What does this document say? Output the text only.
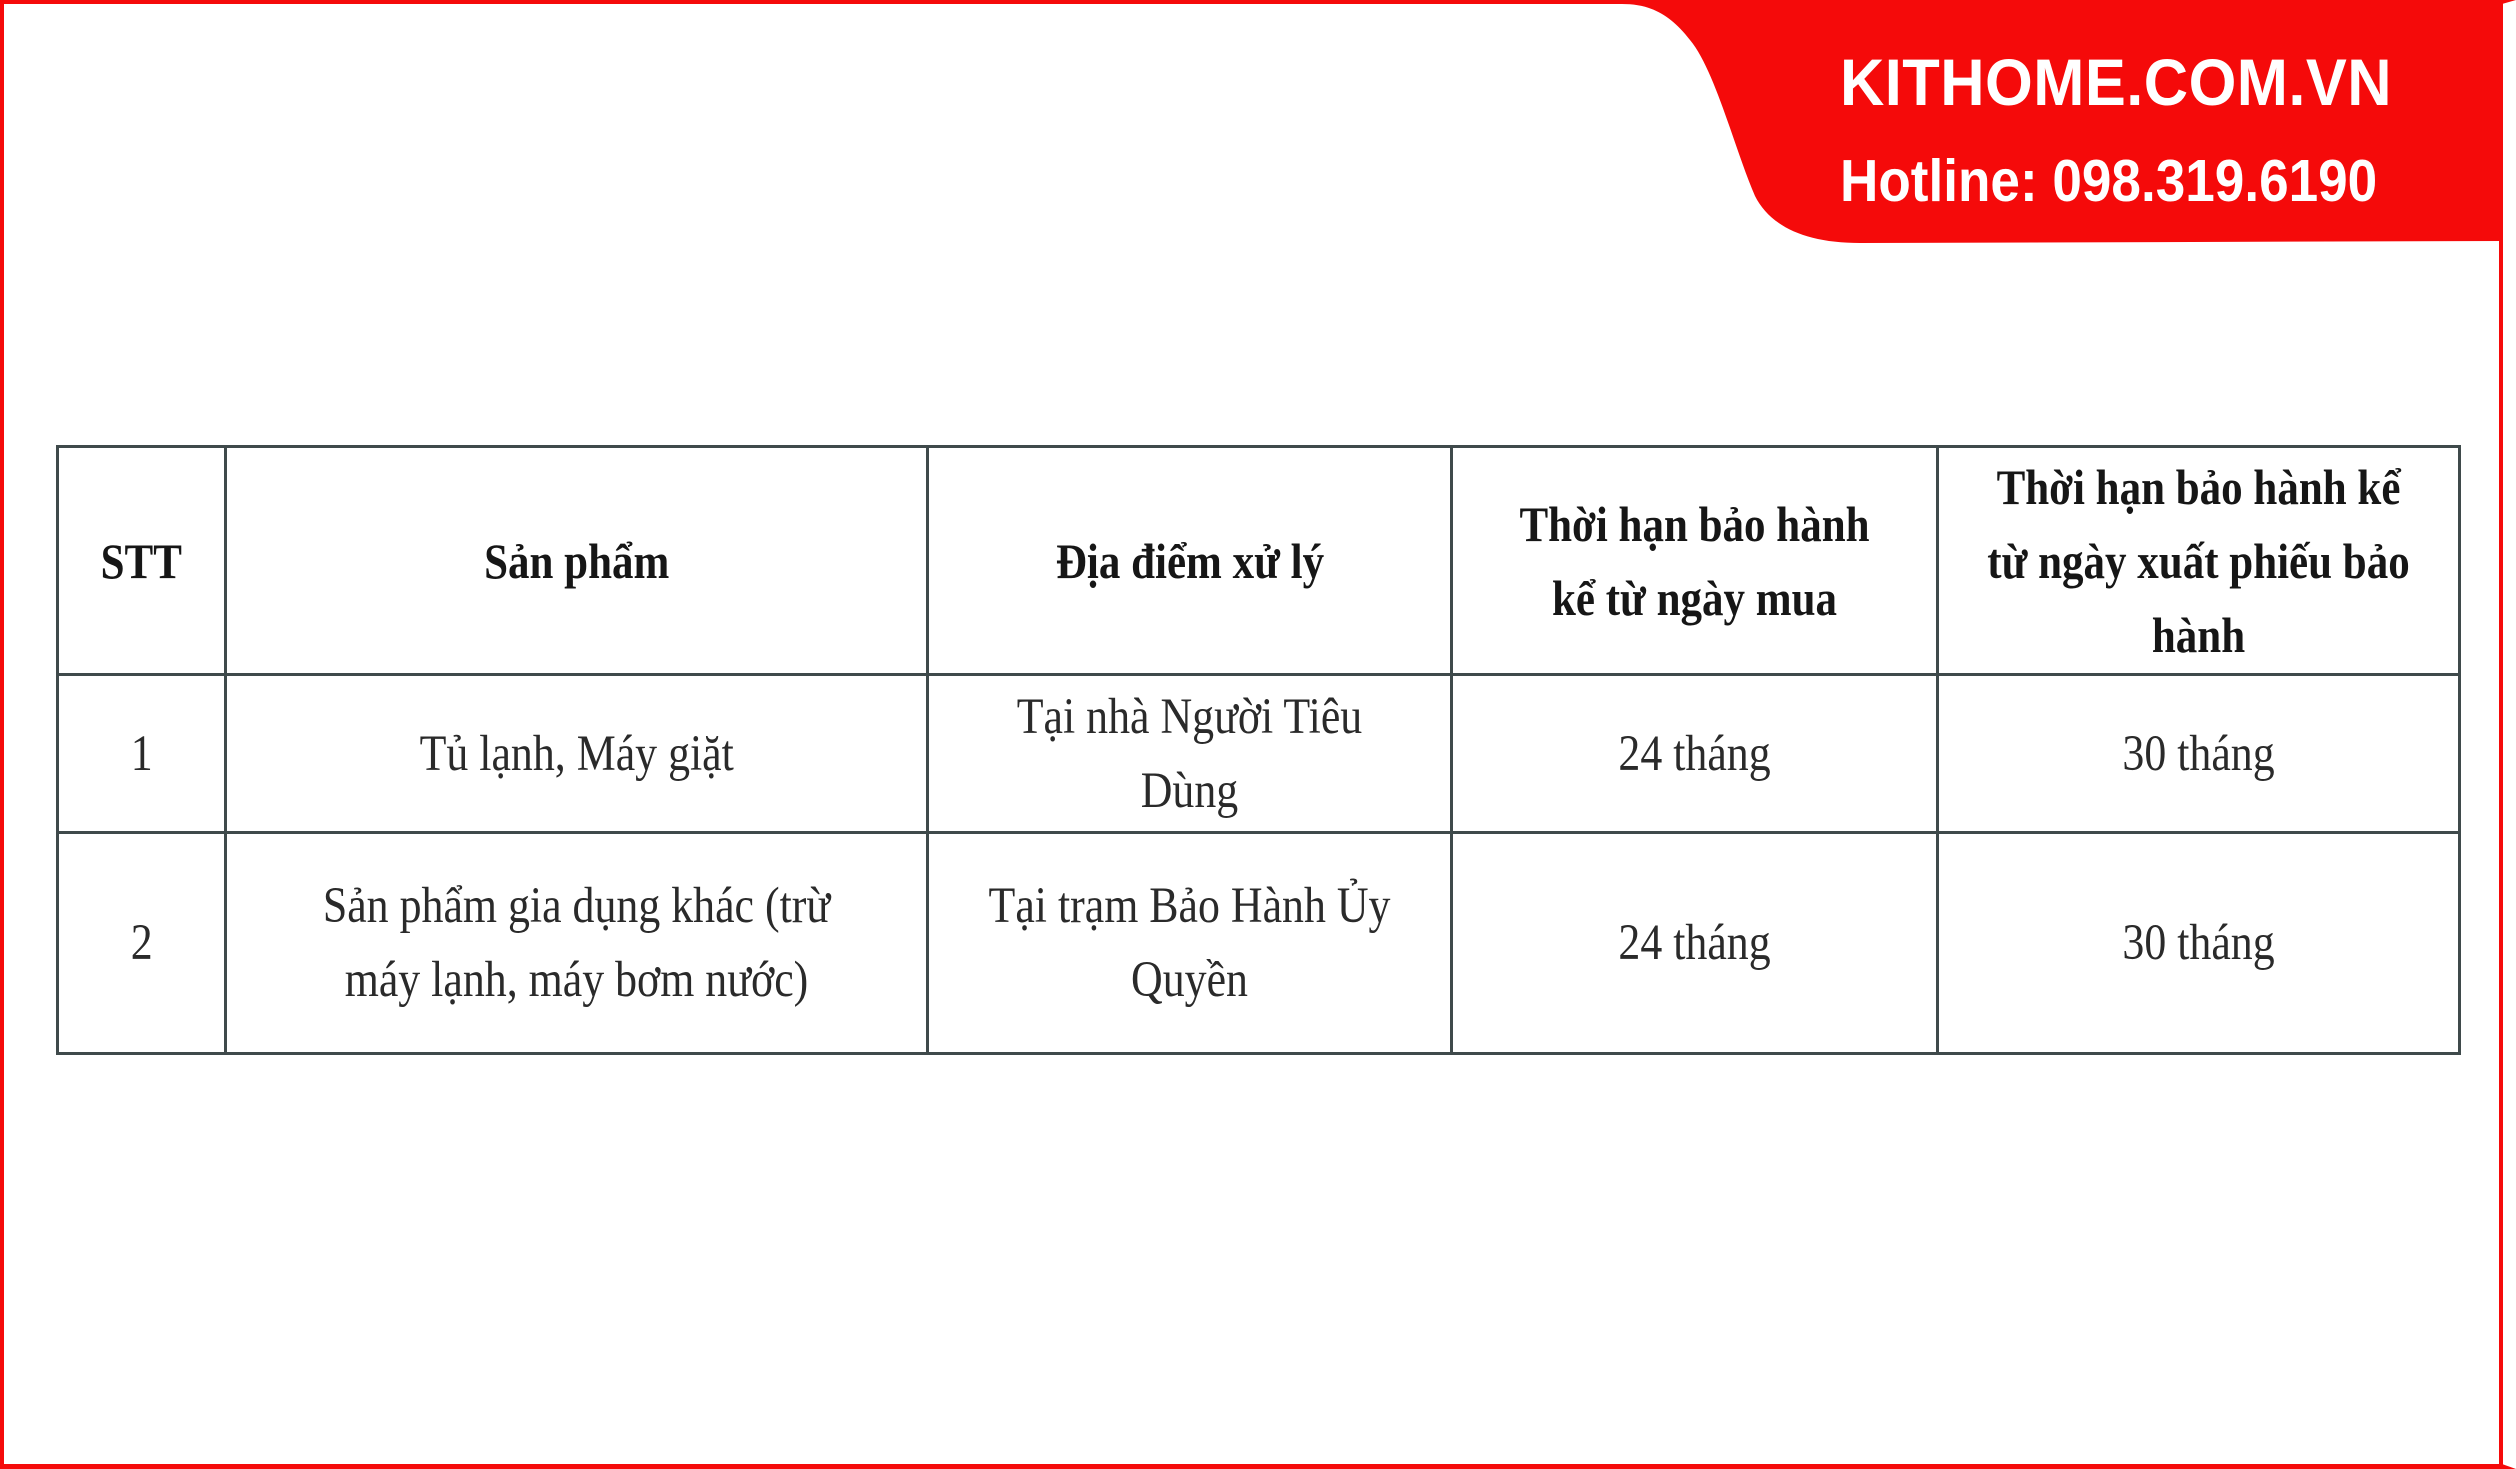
KITHOME.COM.VN
Hotline: 098.319.6190
STT	Sản phẩm	Địa điểm xử lý	Thời hạn bảo hành kể từ ngày mua	Thời hạn bảo hành kể từ ngày xuất phiếu bảo hành
1	Tủ lạnh, Máy giặt	Tại nhà Người Tiêu Dùng	24 tháng	30 tháng
2	Sản phẩm gia dụng khác (trừ máy lạnh, máy bơm nước)	Tại trạm Bảo Hành Ủy Quyền	24 tháng	30 tháng
